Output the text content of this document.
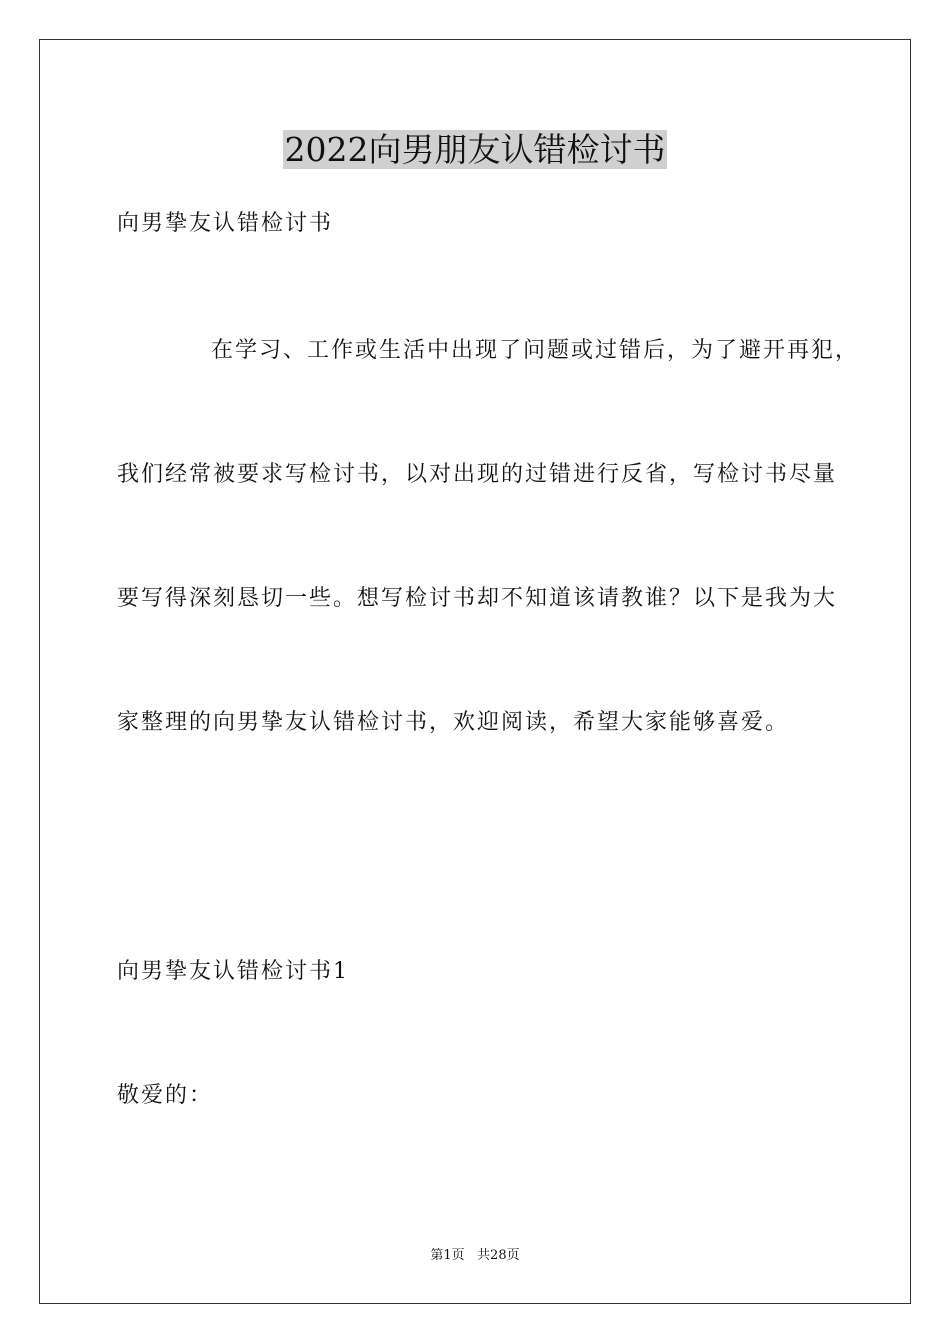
2022向男朋友认错检讨书
向男挚友认错检讨书
在学习、工作或生活中出现了问题或过错后，为了避开再犯，
我们经常被要求写检讨书，以对出现的过错进行反省，写检讨书尽量
要写得深刻恳切一些。想写检讨书却不知道该请教谁？以下是我为大
家整理的向男挚友认错检讨书，欢迎阅读，希望大家能够喜爱。
向男挚友认错检讨书1
敬爱的：
第1页   共28页
